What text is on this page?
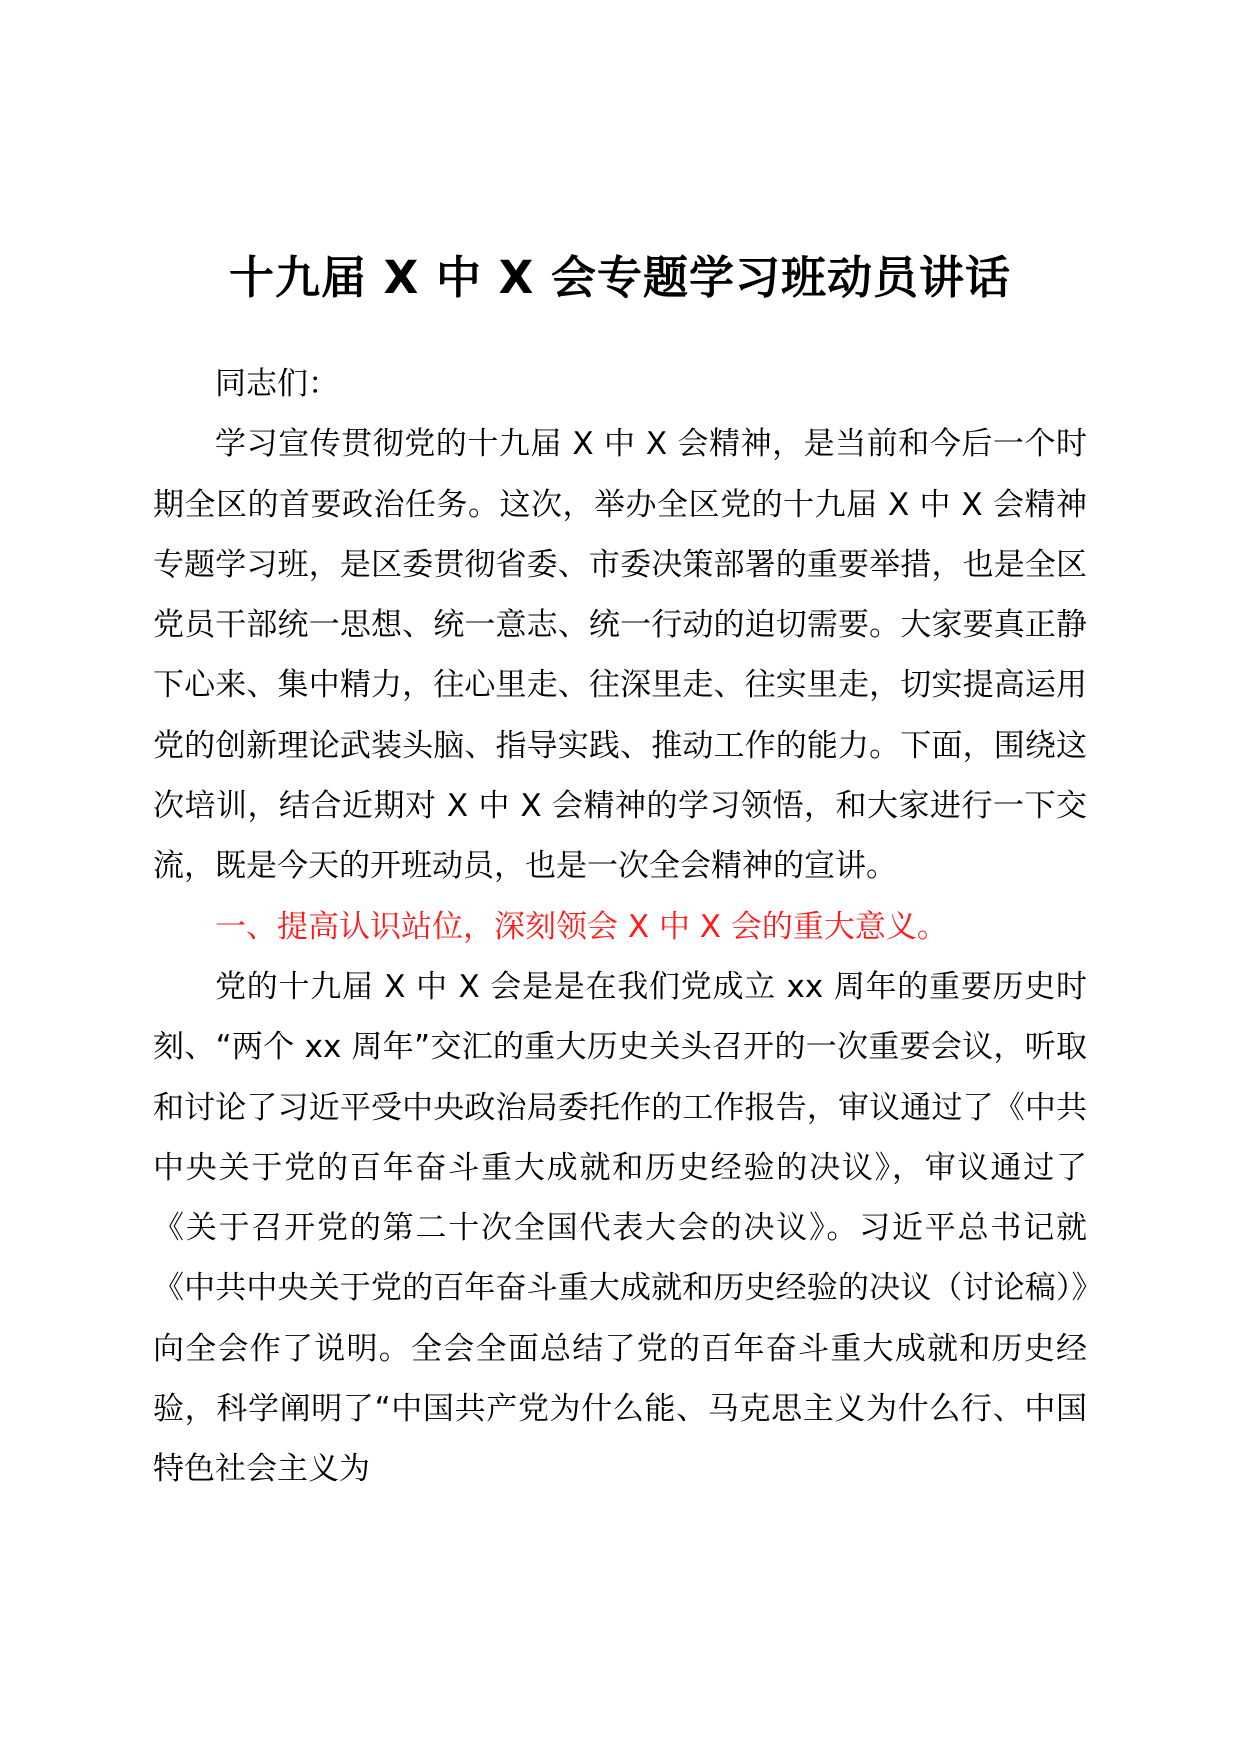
十九届 X 中 X 会专题学习班动员讲话

同志们：

学习宣传贯彻党的十九届 X 中 X 会精神，是当前和今后一个时期全区的首要政治任务。这次，举办全区党的十九届 X 中 X 会精神专题学习班，是区委贯彻省委、市委决策部署的重要举措，也是全区党员干部统一思想、统一意志、统一行动的迫切需要。大家要真正静下心来、集中精力，往心里走、往深里走、往实里走，切实提高运用党的创新理论武装头脑、指导实践、推动工作的能力。下面，围绕这次培训，结合近期对 X 中 X 会精神的学习领悟，和大家进行一下交流，既是今天的开班动员，也是一次全会精神的宣讲。

一、提高认识站位，深刻领会 X 中 X 会的重大意义。

党的十九届 X 中 X 会是是在我们党成立 xx 周年的重要历史时刻、“两个 xx 周年”交汇的重大历史关头召开的一次重要会议，听取和讨论了习近平受中央政治局委托作的工作报告，审议通过了《中共中央关于党的百年奋斗重大成就和历史经验的决议》，审议通过了《关于召开党的第二十次全国代表大会的决议》。习近平总书记就《中共中央关于党的百年奋斗重大成就和历史经验的决议（讨论稿）》向全会作了说明。全会全面总结了党的百年奋斗重大成就和历史经验，科学阐明了“中国共产党为什么能、马克思主义为什么行、中国特色社会主义为
